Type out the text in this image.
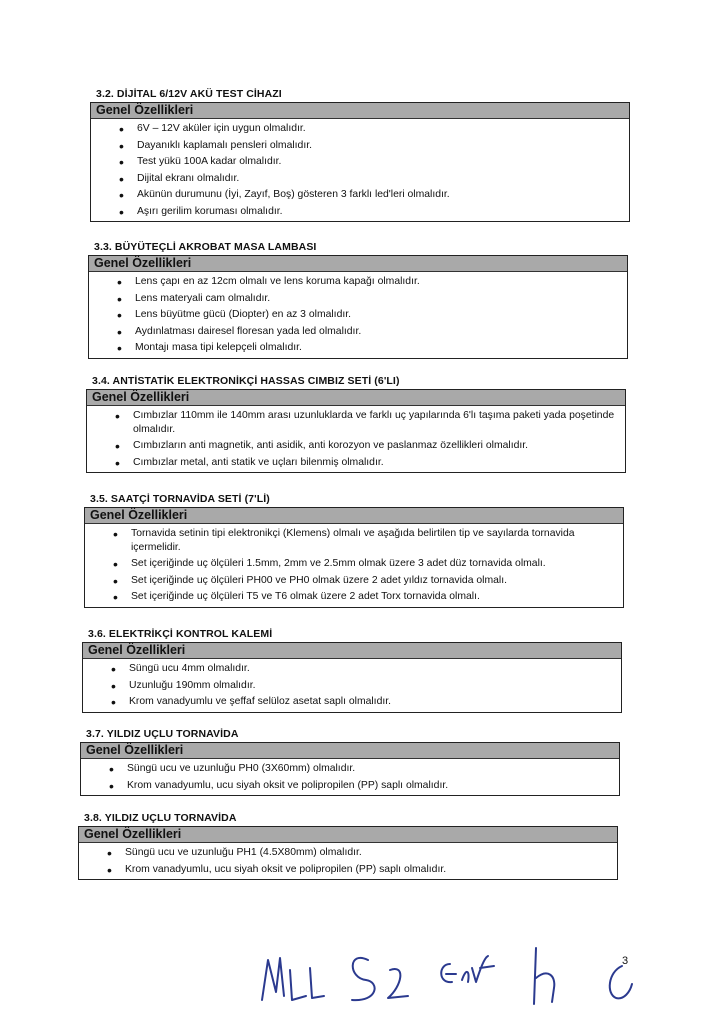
3.2. DİJİTAL 6/12V AKÜ TEST CİHAZI
Genel Özellikleri
• 6V – 12V aküler için uygun olmalıdır.
• Dayanıklı kaplamalı pensleri olmalıdır.
• Test yükü 100A kadar olmalıdır.
• Dijital ekranı olmalıdır.
• Akünün durumunu (İyi, Zayıf, Boş) gösteren 3 farklı led'leri olmalıdır.
• Aşırı gerilim koruması olmalıdır.
3.3. BÜYÜTEÇLİ AKROBAT MASA LAMBASI
Genel Özellikleri
• Lens çapı en az 12cm olmalı ve lens koruma kapağı olmalıdır.
• Lens materyali cam olmalıdır.
• Lens büyütme gücü (Diopter) en az 3 olmalıdır.
• Aydınlatması dairesel floresan yada led olmalıdır.
• Montajı masa tipi kelepçeli olmalıdır.
3.4. ANTİSTATİK ELEKTRONİKÇİ HASSAS CIMBIZ SETİ (6'LI)
Genel Özellikleri
• Cımbızlar 110mm ile 140mm arası uzunluklarda ve farklı uç yapılarında 6'lı taşıma paketi yada poşetinde olmalıdır.
• Cımbızların anti magnetik, anti asidik, anti korozyon ve paslanmaz özellikleri olmalıdır.
• Cımbızlar metal, anti statik ve uçları bilenmiş olmalıdır.
3.5. SAATÇİ TORNAVİDA SETİ (7'Lİ)
Genel Özellikleri
• Tornavida setinin tipi elektronikçi (Klemens) olmalı ve aşağıda belirtilen tip ve sayılarda tornavida içermelidir.
• Set içeriğinde uç ölçüleri 1.5mm, 2mm ve 2.5mm olmak üzere 3 adet düz tornavida olmalı.
• Set içeriğinde uç ölçüleri PH00 ve PH0 olmak üzere 2 adet yıldız tornavida olmalı.
• Set içeriğinde uç ölçüleri T5 ve T6 olmak üzere 2 adet Torx tornavida olmalı.
3.6. ELEKTRİKÇİ KONTROL KALEMİ
Genel Özellikleri
• Süngü ucu 4mm olmalıdır.
• Uzunluğu 190mm olmalıdır.
• Krom vanadyumlu ve şeffaf selüloz asetat saplı olmalıdır.
3.7. YILDIZ UÇLU TORNAVİDA
Genel Özellikleri
• Süngü ucu ve uzunluğu PH0 (3X60mm) olmalıdır.
• Krom vanadyumlu, ucu siyah oksit ve polipropilen (PP) saplı olmalıdır.
3.8. YILDIZ UÇLU TORNAVİDA
Genel Özellikleri
• Süngü ucu ve uzunluğu PH1 (4.5X80mm) olmalıdır.
• Krom vanadyumlu, ucu siyah oksit ve polipropilen (PP) saplı olmalıdır.
3
